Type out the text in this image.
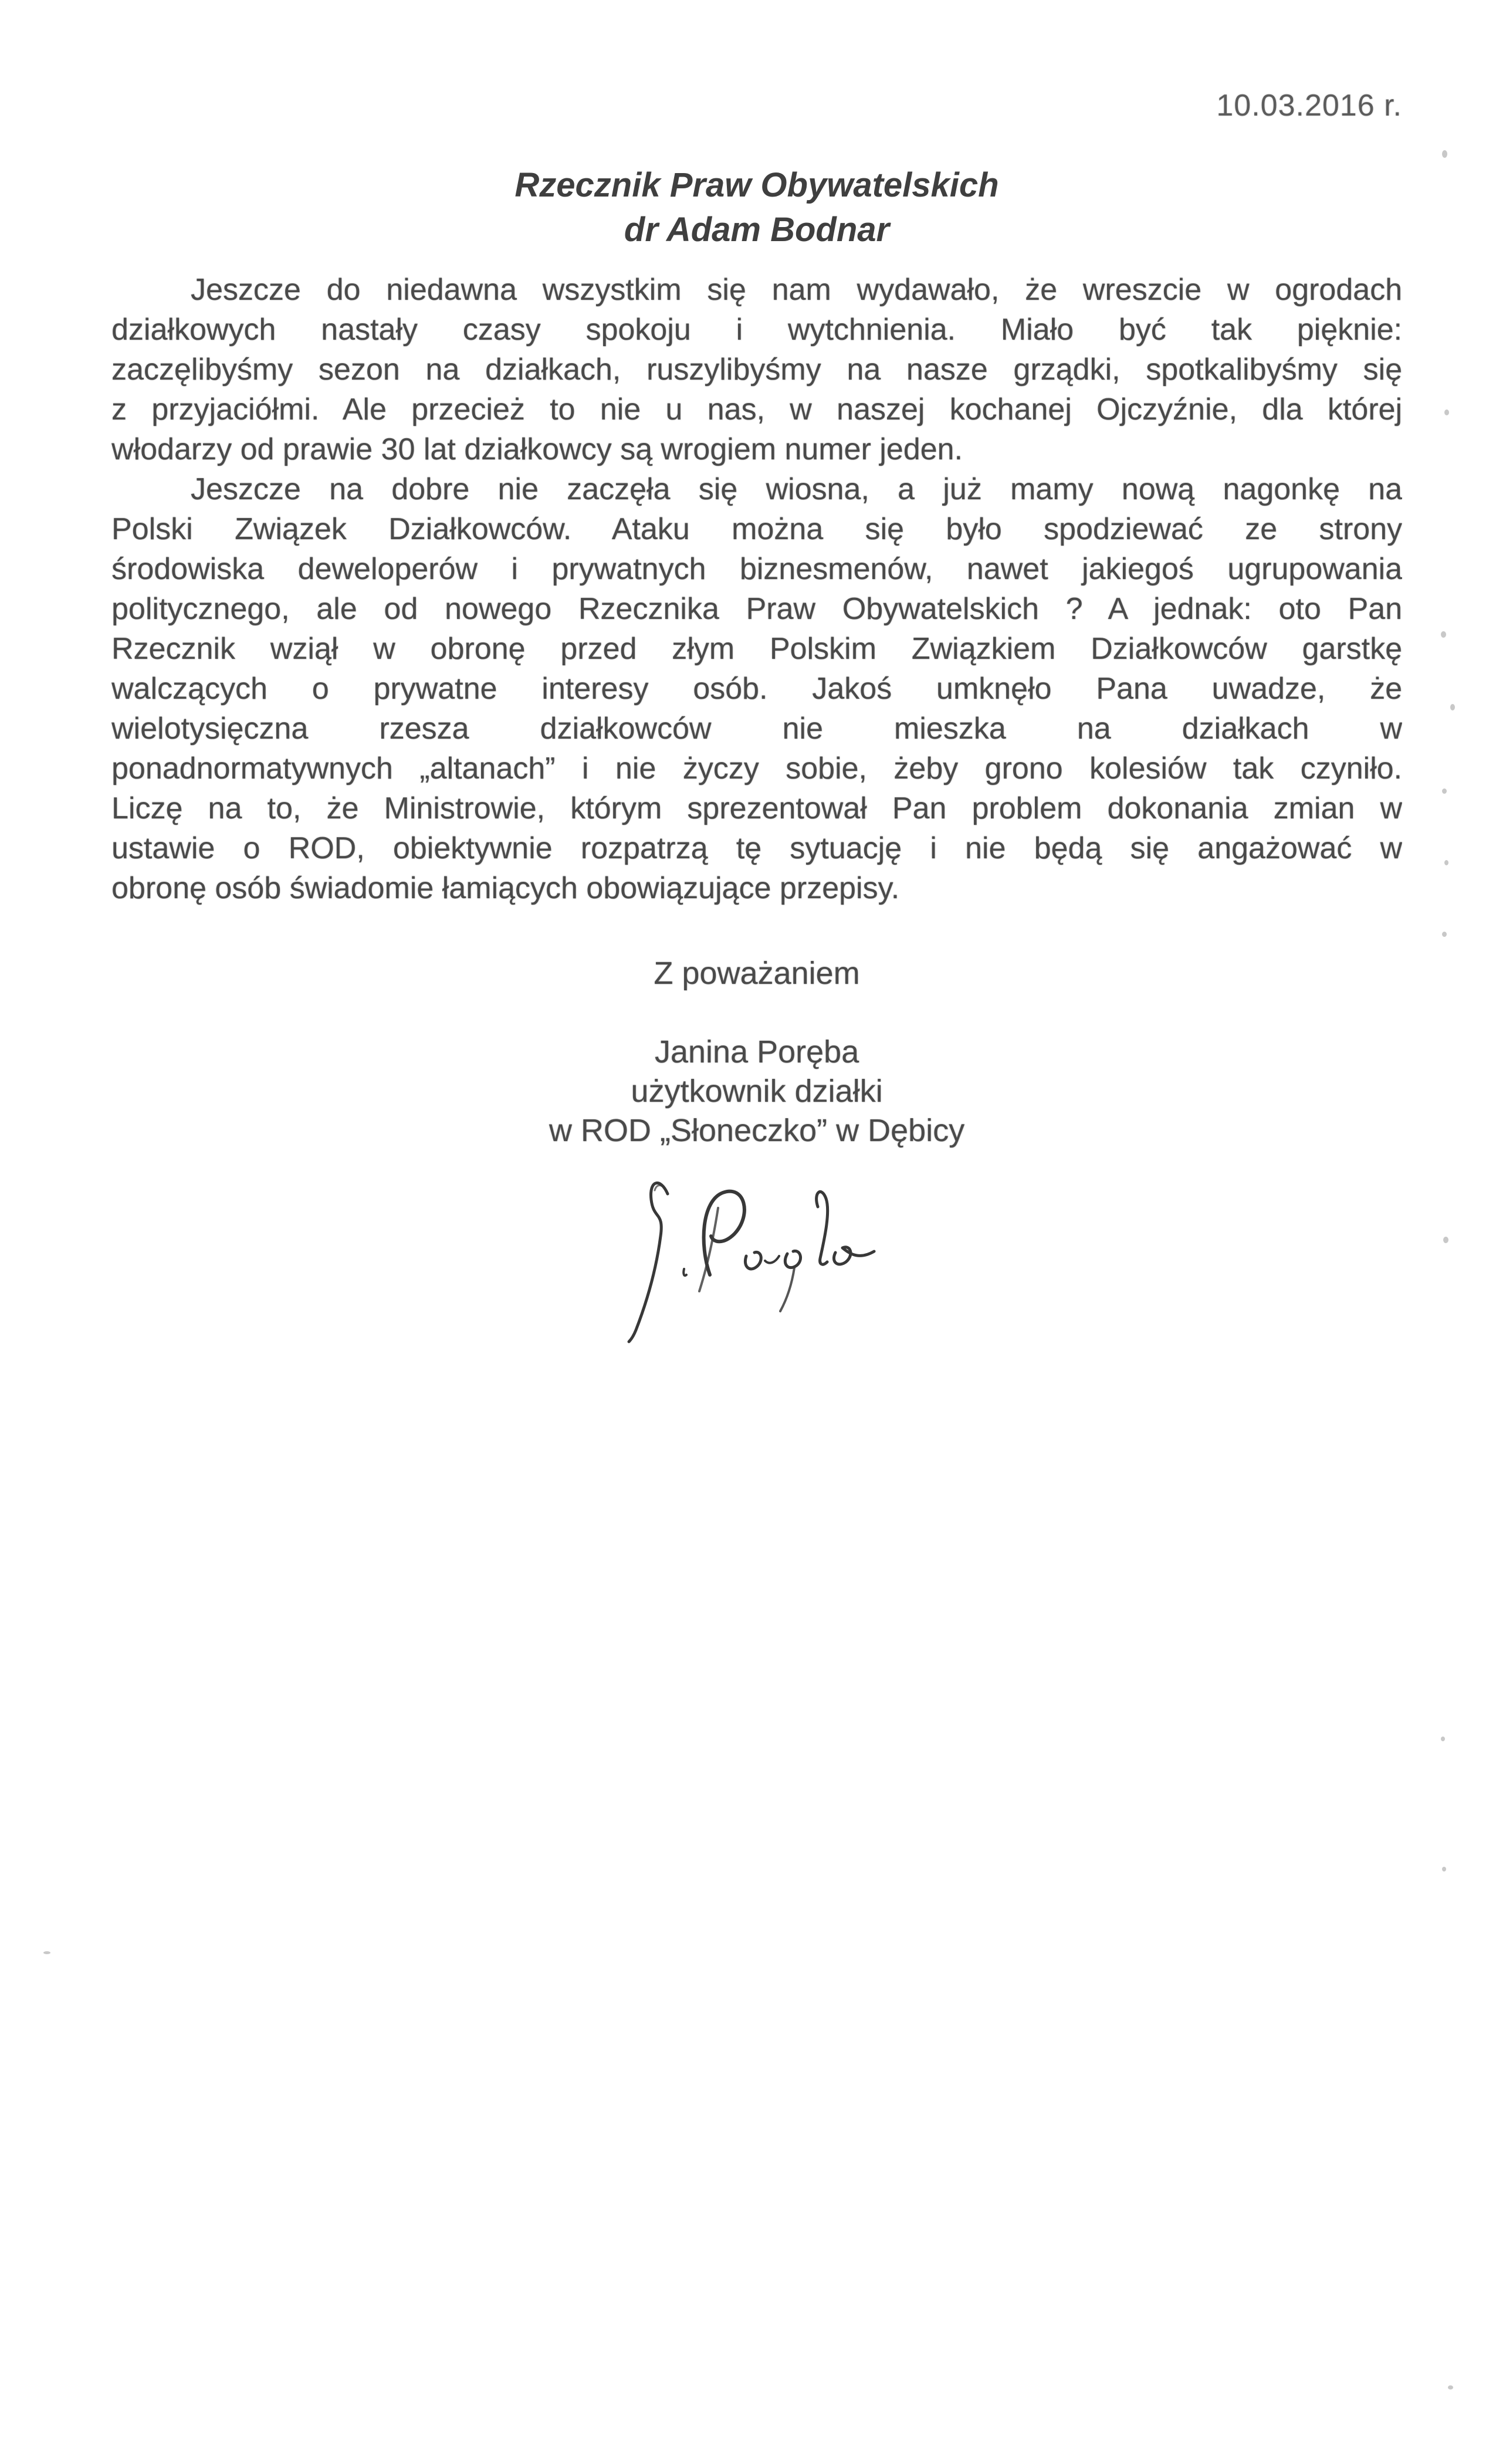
10.03.2016 r.
Rzecznik Praw Obywatelskich
dr Adam Bodnar
Jeszcze do niedawna wszystkim się nam wydawało, że wreszcie w ogrodach
działkowych nastały czasy spokoju i wytchnienia. Miało być tak pięknie:
zaczęlibyśmy sezon na działkach, ruszylibyśmy na nasze grządki, spotkalibyśmy się
z przyjaciółmi. Ale przecież to nie u nas, w naszej kochanej Ojczyźnie, dla której
włodarzy od prawie 30 lat działkowcy są wrogiem numer jeden.
Jeszcze na dobre nie zaczęła się wiosna, a już mamy nową nagonkę na
Polski Związek Działkowców. Ataku można się było spodziewać ze strony
środowiska deweloperów i prywatnych biznesmenów, nawet jakiegoś ugrupowania
politycznego, ale od nowego Rzecznika Praw Obywatelskich ? A jednak: oto Pan
Rzecznik wziął w obronę przed złym Polskim Związkiem Działkowców garstkę
walczących o prywatne interesy osób. Jakoś umknęło Pana uwadze, że
wielotysięczna rzesza działkowców nie mieszka na działkach w
ponadnormatywnych „altanach” i nie życzy sobie, żeby grono kolesiów tak czyniło.
Liczę na to, że Ministrowie, którym sprezentował Pan problem dokonania zmian w
ustawie o ROD, obiektywnie rozpatrzą tę sytuację i nie będą się angażować w
obronę osób świadomie łamiących obowiązujące przepisy.
Z poważaniem
Janina Poręba
użytkownik działki
w ROD „Słoneczko” w Dębicy
